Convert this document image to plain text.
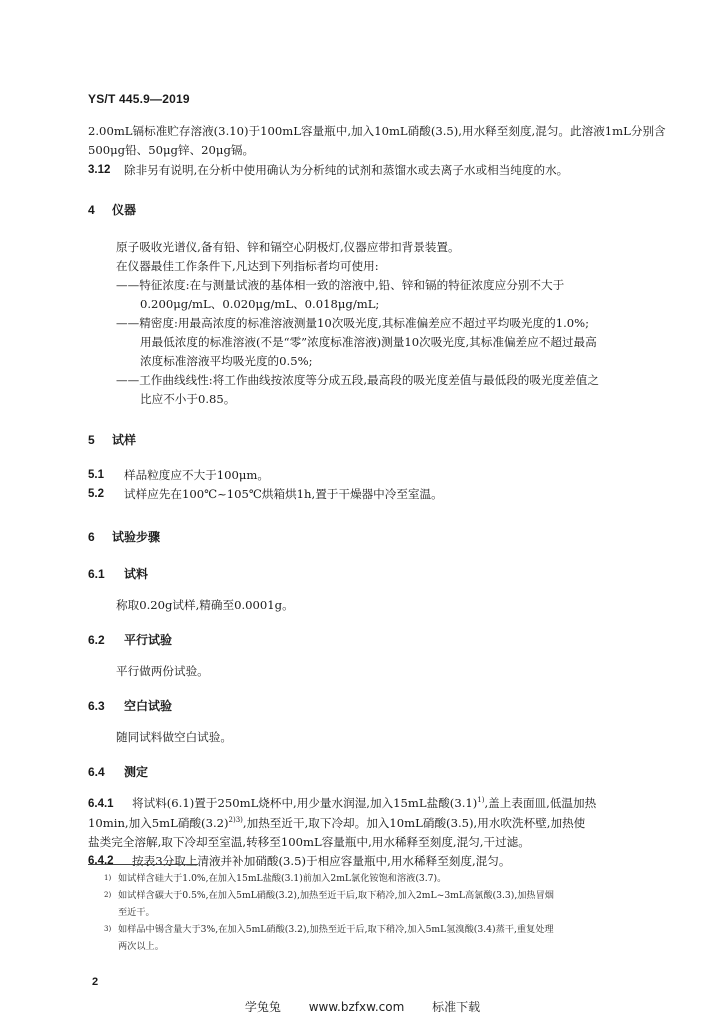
YS/T 445.9—2019

2.00mL镉标准贮存溶液(3.10)于100mL容量瓶中,加入10mL硝酸(3.5),用水释至刻度,混匀。此溶液1mL分别含500μg铅、50μg锌、20μg镉。

3.12	除非另有说明,在分析中使用确认为分析纯的试剂和蒸馏水或去离子水或相当纯度的水。
4	仪器

原子吸收光谱仪,备有铅、锌和镉空心阴极灯,仪器应带扣背景装置。

在仪器最佳工作条件下,凡达到下列指标者均可使用:

——特征浓度:在与测量试液的基体相一致的溶液中,铅、锌和镉的特征浓度应分别不大于
0.200μg/mL、0.020μg/mL、0.018μg/mL;
——精密度:用最高浓度的标准溶液测量10次吸光度,其标准偏差应不超过平均吸光度的1.0%;
用最低浓度的标准溶液(不是“零”浓度标准溶液)测量10次吸光度,其标准偏差应不超过最高
浓度标准溶液平均吸光度的0.5%;
——工作曲线线性:将工作曲线按浓度等分成五段,最高段的吸光度差值与最低段的吸光度差值之
比应不小于0.85。
5	试样
5.1	样品粒度应不大于100μm。
5.2	试样应先在100℃~105℃烘箱烘1h,置于干燥器中冷至室温。
6	试验步骤
6.1	试料

称取0.20g试样,精确至0.0001g。

6.2	平行试验

平行做两份试验。

6.3	空白试验

随同试料做空白试验。

6.4	测定
6.4.1 将试料(6.1)置于250mL烧杯中,用少量水润湿,加入15mL盐酸$(3.1)^{1)}$,盖上表面皿,低温加热
10min,加入5mL硝酸$(3.2)^{2)3)}$,加热至近干,取下冷却。加入10mL硝酸(3.5),用水吹洗杯壁,加热使
盐类完全溶解,取下冷却至室温,转移至100mL容量瓶中,用水稀释至刻度,混匀,干过滤。
6.4.2	按表3分取上清液并补加硝酸(3.5)于相应容量瓶中,用水稀释至刻度,混匀。
1) 如试样含硅大于1.0%,在加入15mL盐酸(3.1)前加入2mL氯化铵饱和溶液(3.7)。
2) 如试样含碳大于0.5%,在加入5mL硝酸(3.2),加热至近干后,取下稍冷,加入2mL~3mL高氯酸(3.3),加热冒烟
至近干。
3) 如样品中锡含量大于3%,在加入5mL硝酸(3.2),加热至近干后,取下稍冷,加入5mL氢溴酸(3.4)蒸干,重复处理
两次以上。
2
学兔兔 www.bzfxw.com 标准下载
